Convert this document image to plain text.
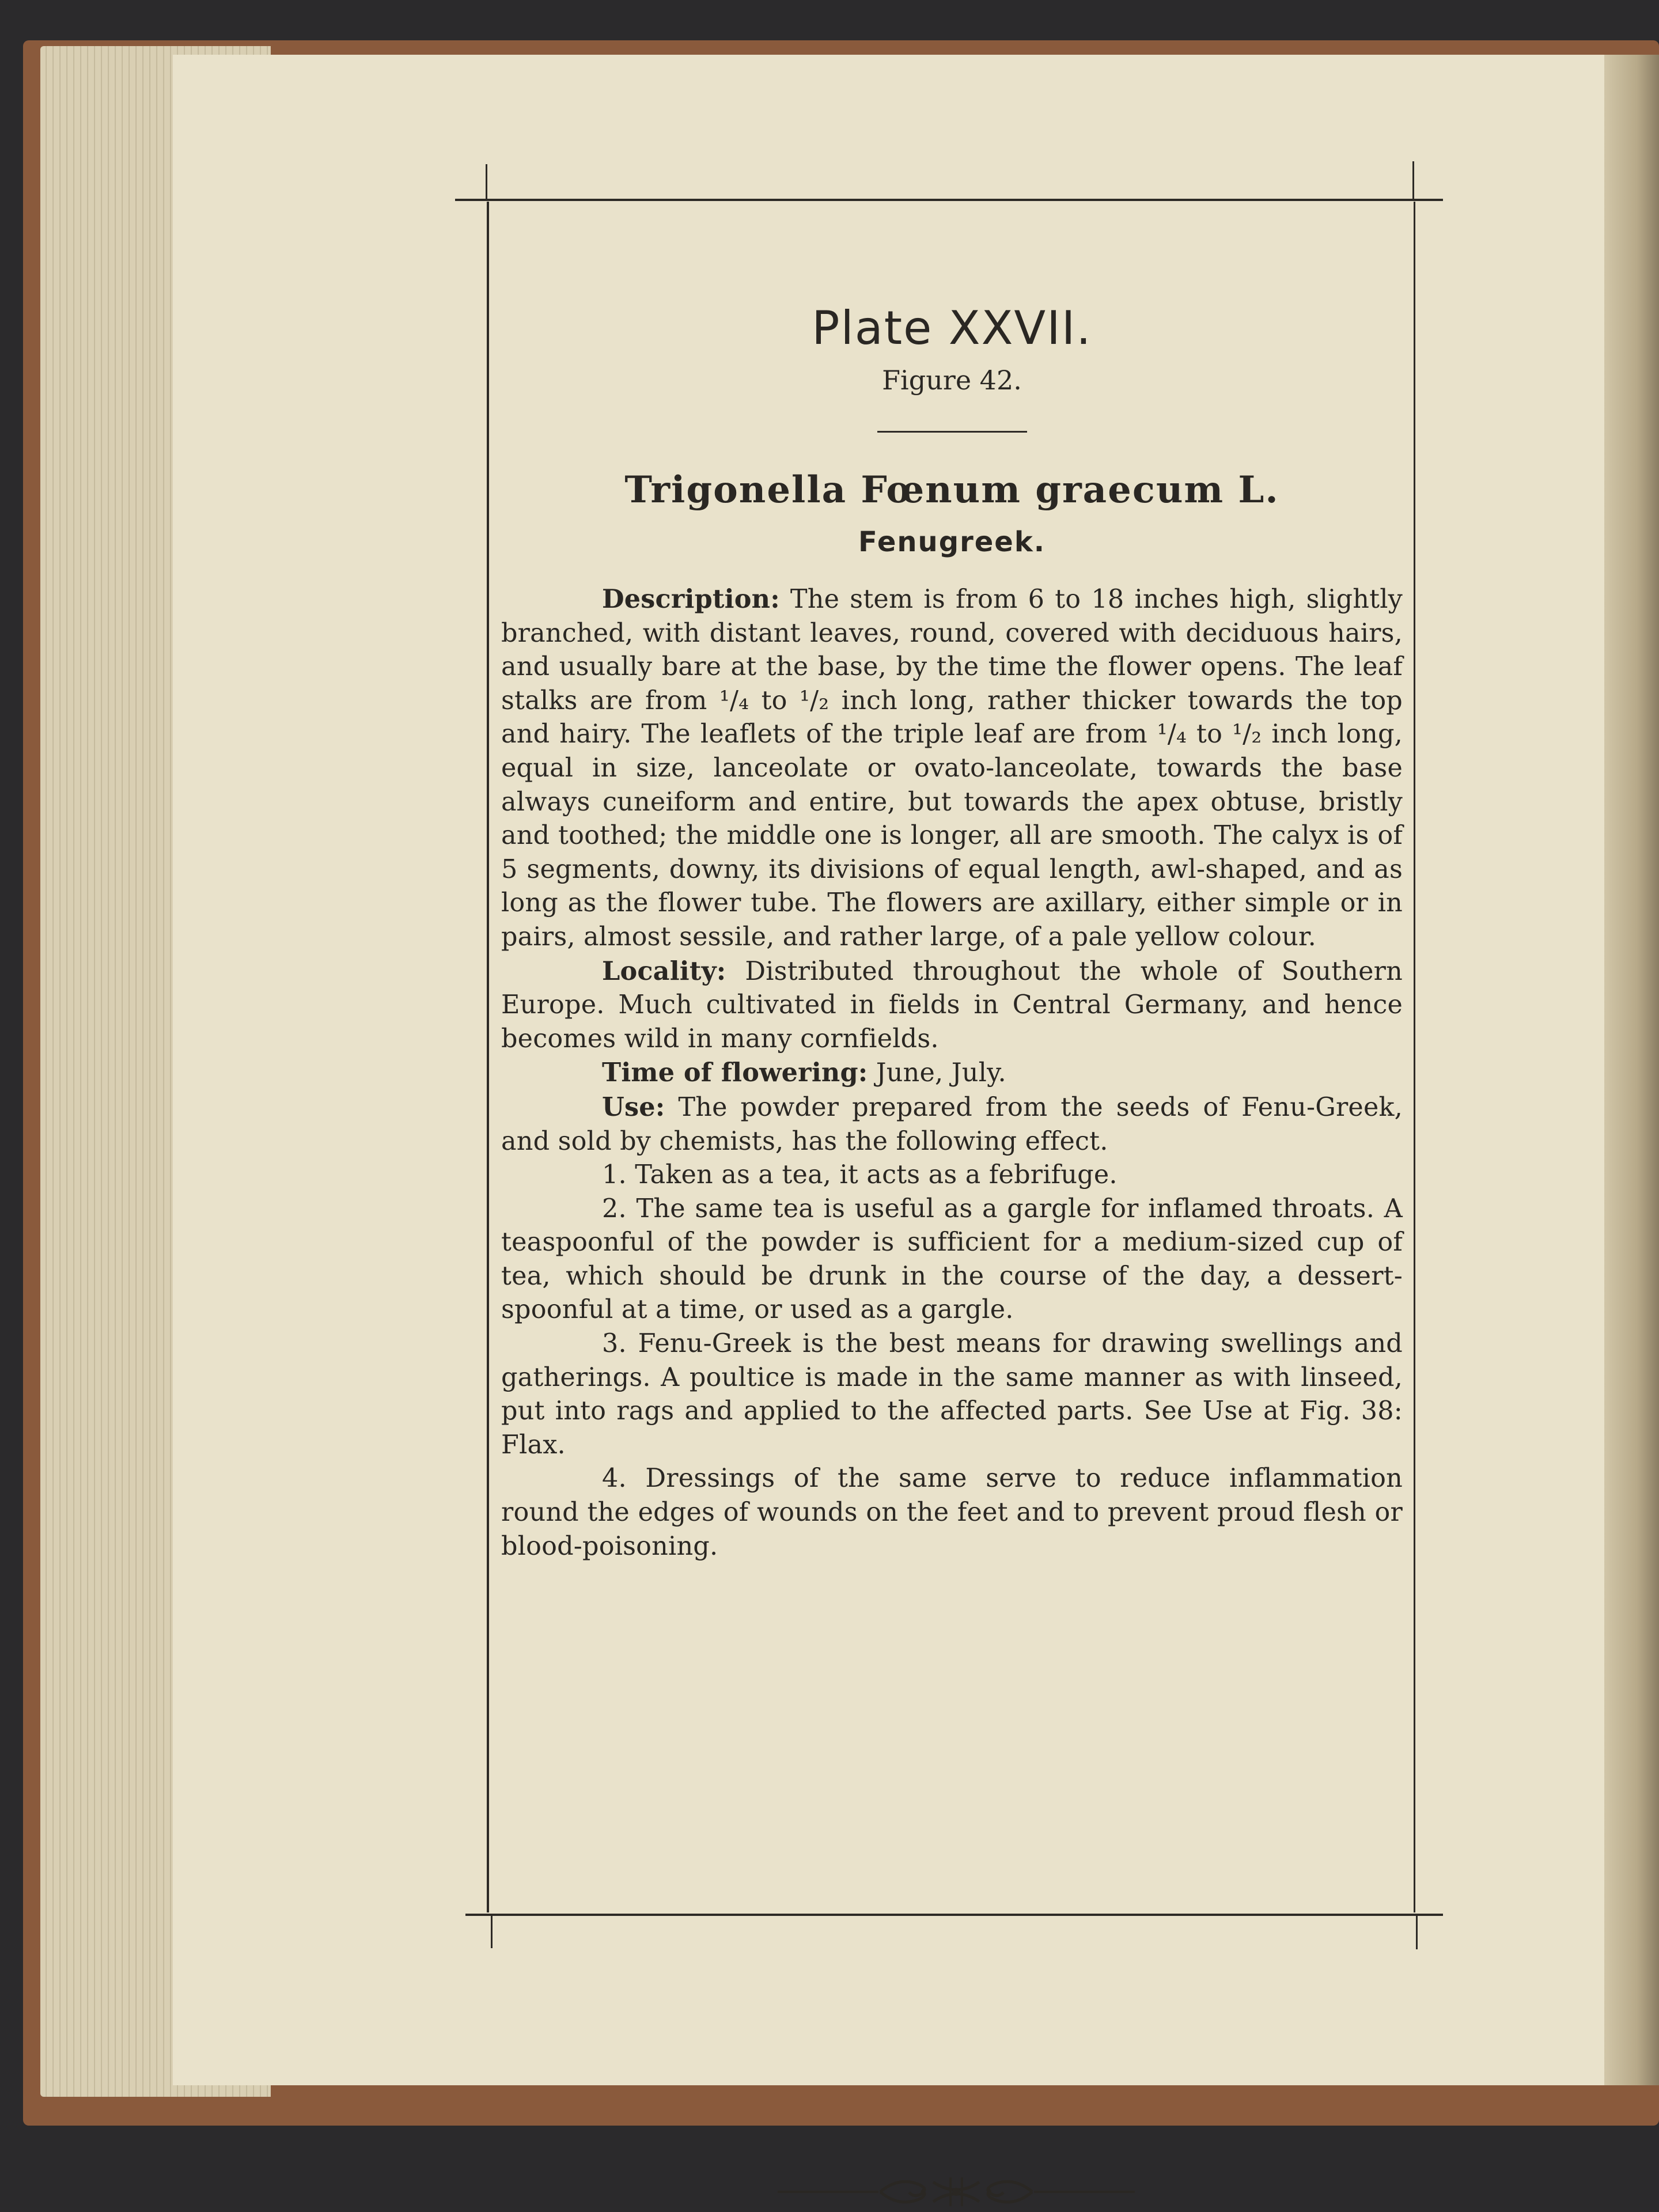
Plate XXVII.
Figure 42.
Trigonella Fœnum graecum L.
Fenugreek.

Description: The stem is from 6 to 18 inches high, slightly branched, with distant leaves, round, covered with deciduous hairs, and usually bare at the base, by the time the flower opens. The leaf stalks are from ¹/₄ to ¹/₂ inch long, rather thicker towards the top and hairy. The leaflets of the triple leaf are from ¹/₄ to ¹/₂ inch long, equal in size, lanceolate or ovato-lanceolate, towards the base always cuneiform and entire, but towards the apex obtuse, bristly and toothed; the middle one is longer, all are smooth. The calyx is of 5 segments, downy, its divisions of equal length, awl-shaped, and as long as the flower tube. The flowers are axillary, either simple or in pairs, almost sessile, and rather large, of a pale yellow colour.

Locality: Distributed throughout the whole of Southern Europe. Much cultivated in fields in Central Germany, and hence becomes wild in many cornfields.

Time of flowering: June, July.

Use: The powder prepared from the seeds of Fenu-Greek, and sold by chemists, has the following effect.

1. Taken as a tea, it acts as a febrifuge.

2. The same tea is useful as a gargle for inflamed throats. A teaspoonful of the powder is sufficient for a medium-sized cup of tea, which should be drunk in the course of the day, a dessert-spoonful at a time, or used as a gargle.

3. Fenu-Greek is the best means for drawing swellings and gatherings. A poultice is made in the same manner as with linseed, put into rags and applied to the affected parts. See Use at Fig. 38: Flax.

4. Dressings of the same serve to reduce inflammation round the edges of wounds on the feet and to prevent proud flesh or blood-poisoning.
